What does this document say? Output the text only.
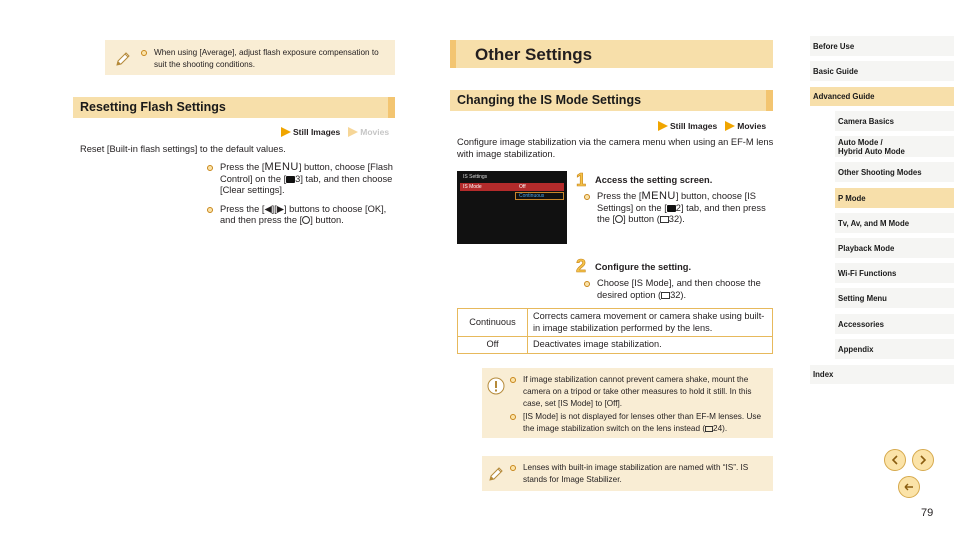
When using [Average], adjust flash exposure compensation to suit the shooting conditions.
Resetting Flash Settings
Still Images Movies
Reset [Built-in flash settings] to the default values.
Press the [MENU] button, choose [Flash Control] on the [ 3] tab, and then choose [Clear settings].
Press the [◀][▶] buttons to choose [OK], and then press the [ ] button.
Other Settings
Changing the IS Mode Settings
Still Images Movies
Configure image stabilization via the camera menu when using an EF-M lens with image stabilization.
IS Settings
IS Mode	Off
Continuous
1 Access the setting screen.
Press the [MENU] button, choose [IS Settings] on the [ 2] tab, and then press the [ ] button ( 32).
2 Configure the setting.
Choose [IS Mode], and then choose the desired option ( 32).
Continuous	Corrects camera movement or camera shake using built-in image stabilization performed by the lens.
Off	Deactivates image stabilization.
If image stabilization cannot prevent camera shake, mount the camera on a tripod or take other measures to hold it still. In this case, set [IS Mode] to [Off].
[IS Mode] is not displayed for lenses other than EF-M lenses. Use the image stabilization switch on the lens instead ( 24).
Lenses with built-in image stabilization are named with “IS”. IS stands for Image Stabilizer.
Before Use
Basic Guide
Advanced Guide
Camera Basics
Auto Mode /
Hybrid Auto Mode
Other Shooting Modes
P Mode
Tv, Av, and M Mode
Playback Mode
Wi-Fi Functions
Setting Menu
Accessories
Appendix
Index
79
